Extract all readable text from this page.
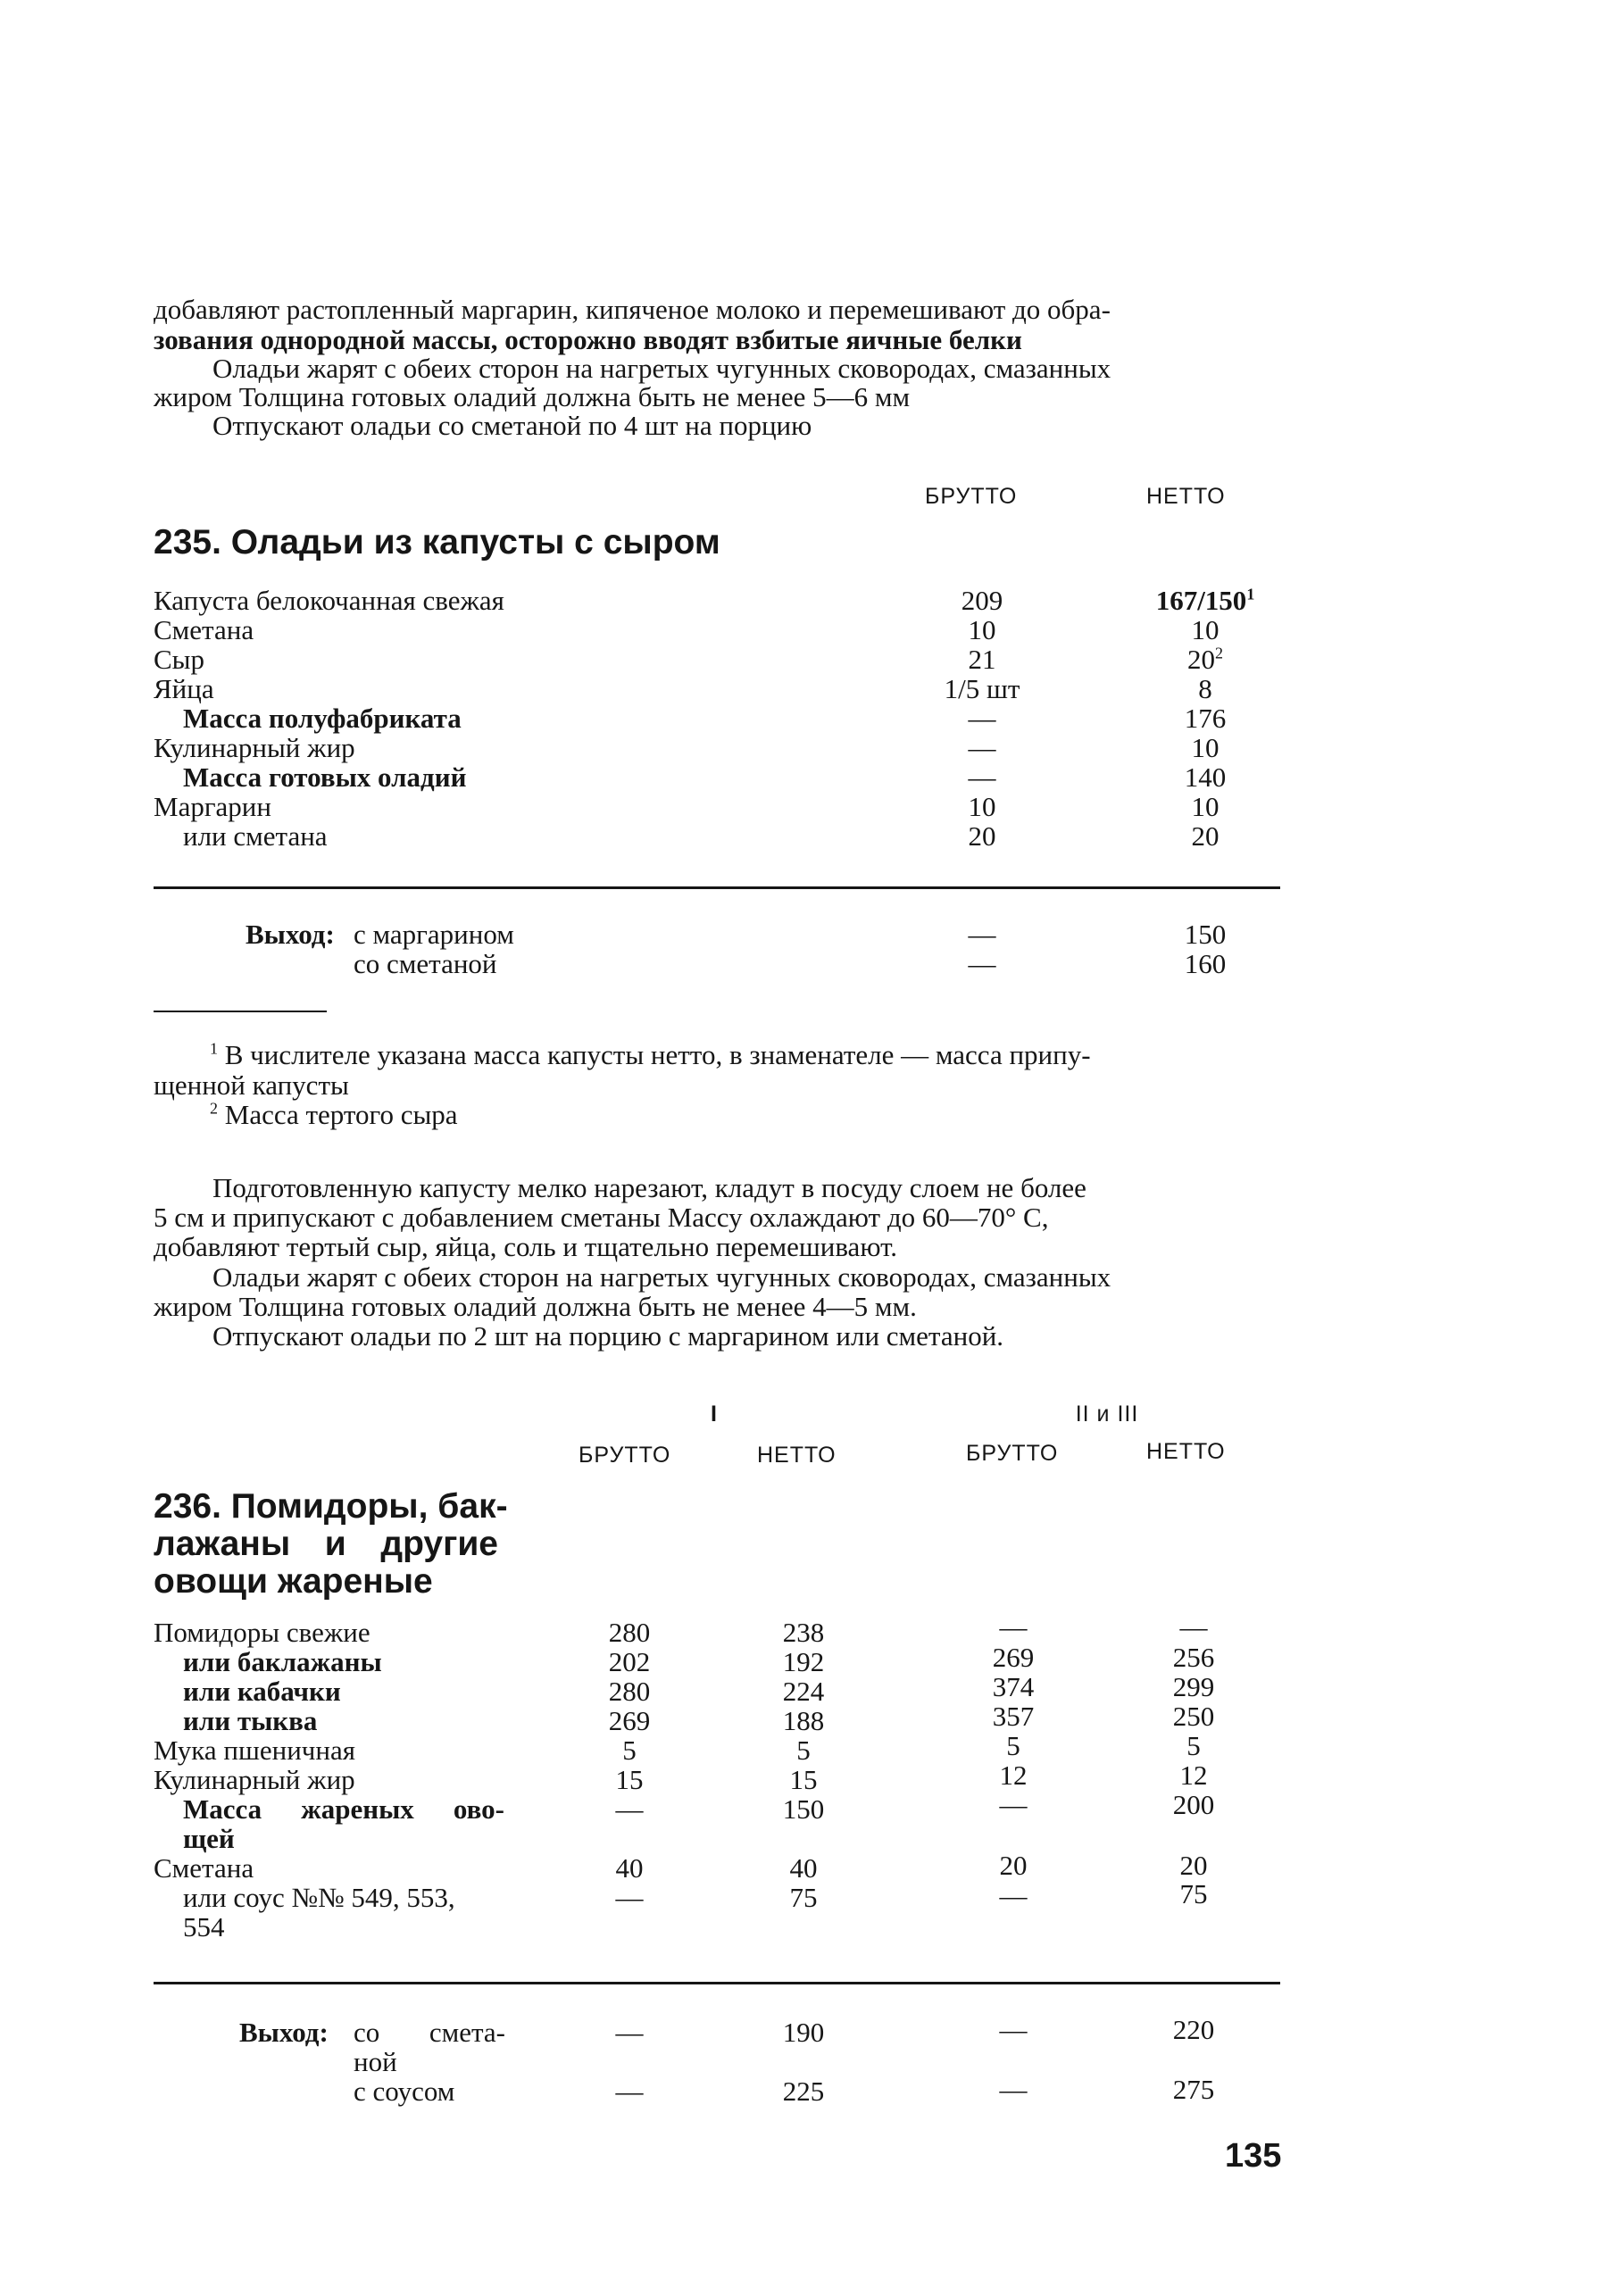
добавляют растопленный маргарин, кипяченое молоко и перемешивают до обра-
зования однородной массы, осторожно вводят взбитые яичные белки
Оладьи жарят с обеих сторон на нагретых чугунных сковородах, смазанных
жиром Толщина готовых оладий должна быть не менее 5—6 мм
Отпускают оладьи со сметаной по 4 шт на порцию
БРУТТО	НЕТТО
235. Оладьи из капусты с сыром
Капуста белокочанная свежая	209	$167/150^1$
Сметана	10	10
Сыр	21	$20^2$
Яйца	1/5 шт	8
Масса полуфабриката	—	176
Кулинарный жир	—	10
Масса готовых оладий	—	140
Маргарин	10	10
или сметана	20	20
Выход: с маргарином	—	150
со сметаной	—	160
$^1$ В числителе указана масса капусты нетто, в знаменателе — масса припу-
щенной капусты
$^2$ Масса тертого сыра
Подготовленную капусту мелко нарезают, кладут в посуду слоем не более
5 см и припускают с добавлением сметаны Массу охлаждают до 60—70° С,
добавляют тертый сыр, яйца, соль и тщательно перемешивают.
Оладьи жарят с обеих сторон на нагретых чугунных сковородах, смазанных
жиром Толщина готовых оладий должна быть не менее 4—5 мм.
Отпускают оладьи по 2 шт на порцию с маргарином или сметаной.
I	II и III
БРУТТО	НЕТТО	БРУТТО	НЕТТО
236. Помидоры, бак-
лажаны и другие
овощи жареные
Помидоры свежие	280	238	—	—
или баклажаны	202	192	269	256
или кабачки	280	224	374	299
или тыква	269	188	357	250
Мука пшеничная	5	5	5	5
Кулинарный жир	15	15	12	12
Масса жареных ово-
щей
—	150	—	200
Сметана	40	40	20	20
или соус №№ 549, 553,
554
—	75	—	75
Выход: со смета-
ной
—	190	—	220
с соусом	—	225	—	275
135
